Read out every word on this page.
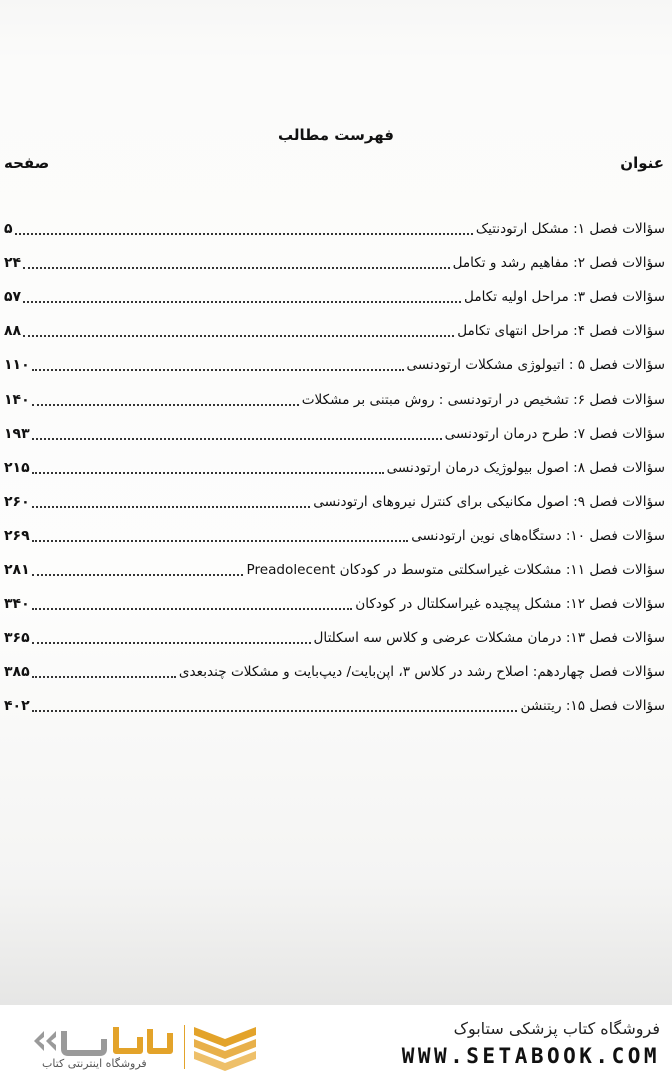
فهرست مطالب
عنوان
صفحه
سؤالات فصل ۱: مشکل ارتودنتیک
۵
سؤالات فصل ۲: مفاهیم رشد و تکامل
۲۴
سؤالات فصل ۳: مراحل اولیه تکامل
۵۷
سؤالات فصل ۴: مراحل انتهای تکامل
۸۸
سؤالات فصل ۵ : اتیولوژی مشکلات ارتودنسی
۱۱۰
سؤالات فصل ۶: تشخیص در ارتودنسی : روش مبتنی بر مشکلات
۱۴۰
سؤالات فصل ۷: طرح درمان ارتودنسی
۱۹۳
سؤالات فصل ۸: اصول بیولوژیک درمان ارتودنسی
۲۱۵
سؤالات فصل ۹: اصول مکانیکی برای کنترل نیروهای ارتودنسی
۲۶۰
سؤالات فصل ۱۰: دستگاه‌های نوین ارتودنسی
۲۶۹
سؤالات فصل ۱۱: مشکلات غیراسکلتی متوسط در کودکان Preadolecent
۲۸۱
سؤالات فصل ۱۲: مشکل پیچیده غیراسکلتال در کودکان
۳۴۰
سؤالات فصل ۱۳: درمان مشکلات عرضی و کلاس سه اسکلتال
۳۶۵
سؤالات فصل چهاردهم: اصلاح رشد در کلاس ۳، اپن‌بایت/ دیپ‌بایت و مشکلات چندبعدی
۳۸۵
سؤالات فصل ۱۵: ریتنشن
۴۰۲
فروشگاه کتاب پزشکی ستابوک
WWW.SETABOOK.COM
فروشگاه اینترنتی کتاب
